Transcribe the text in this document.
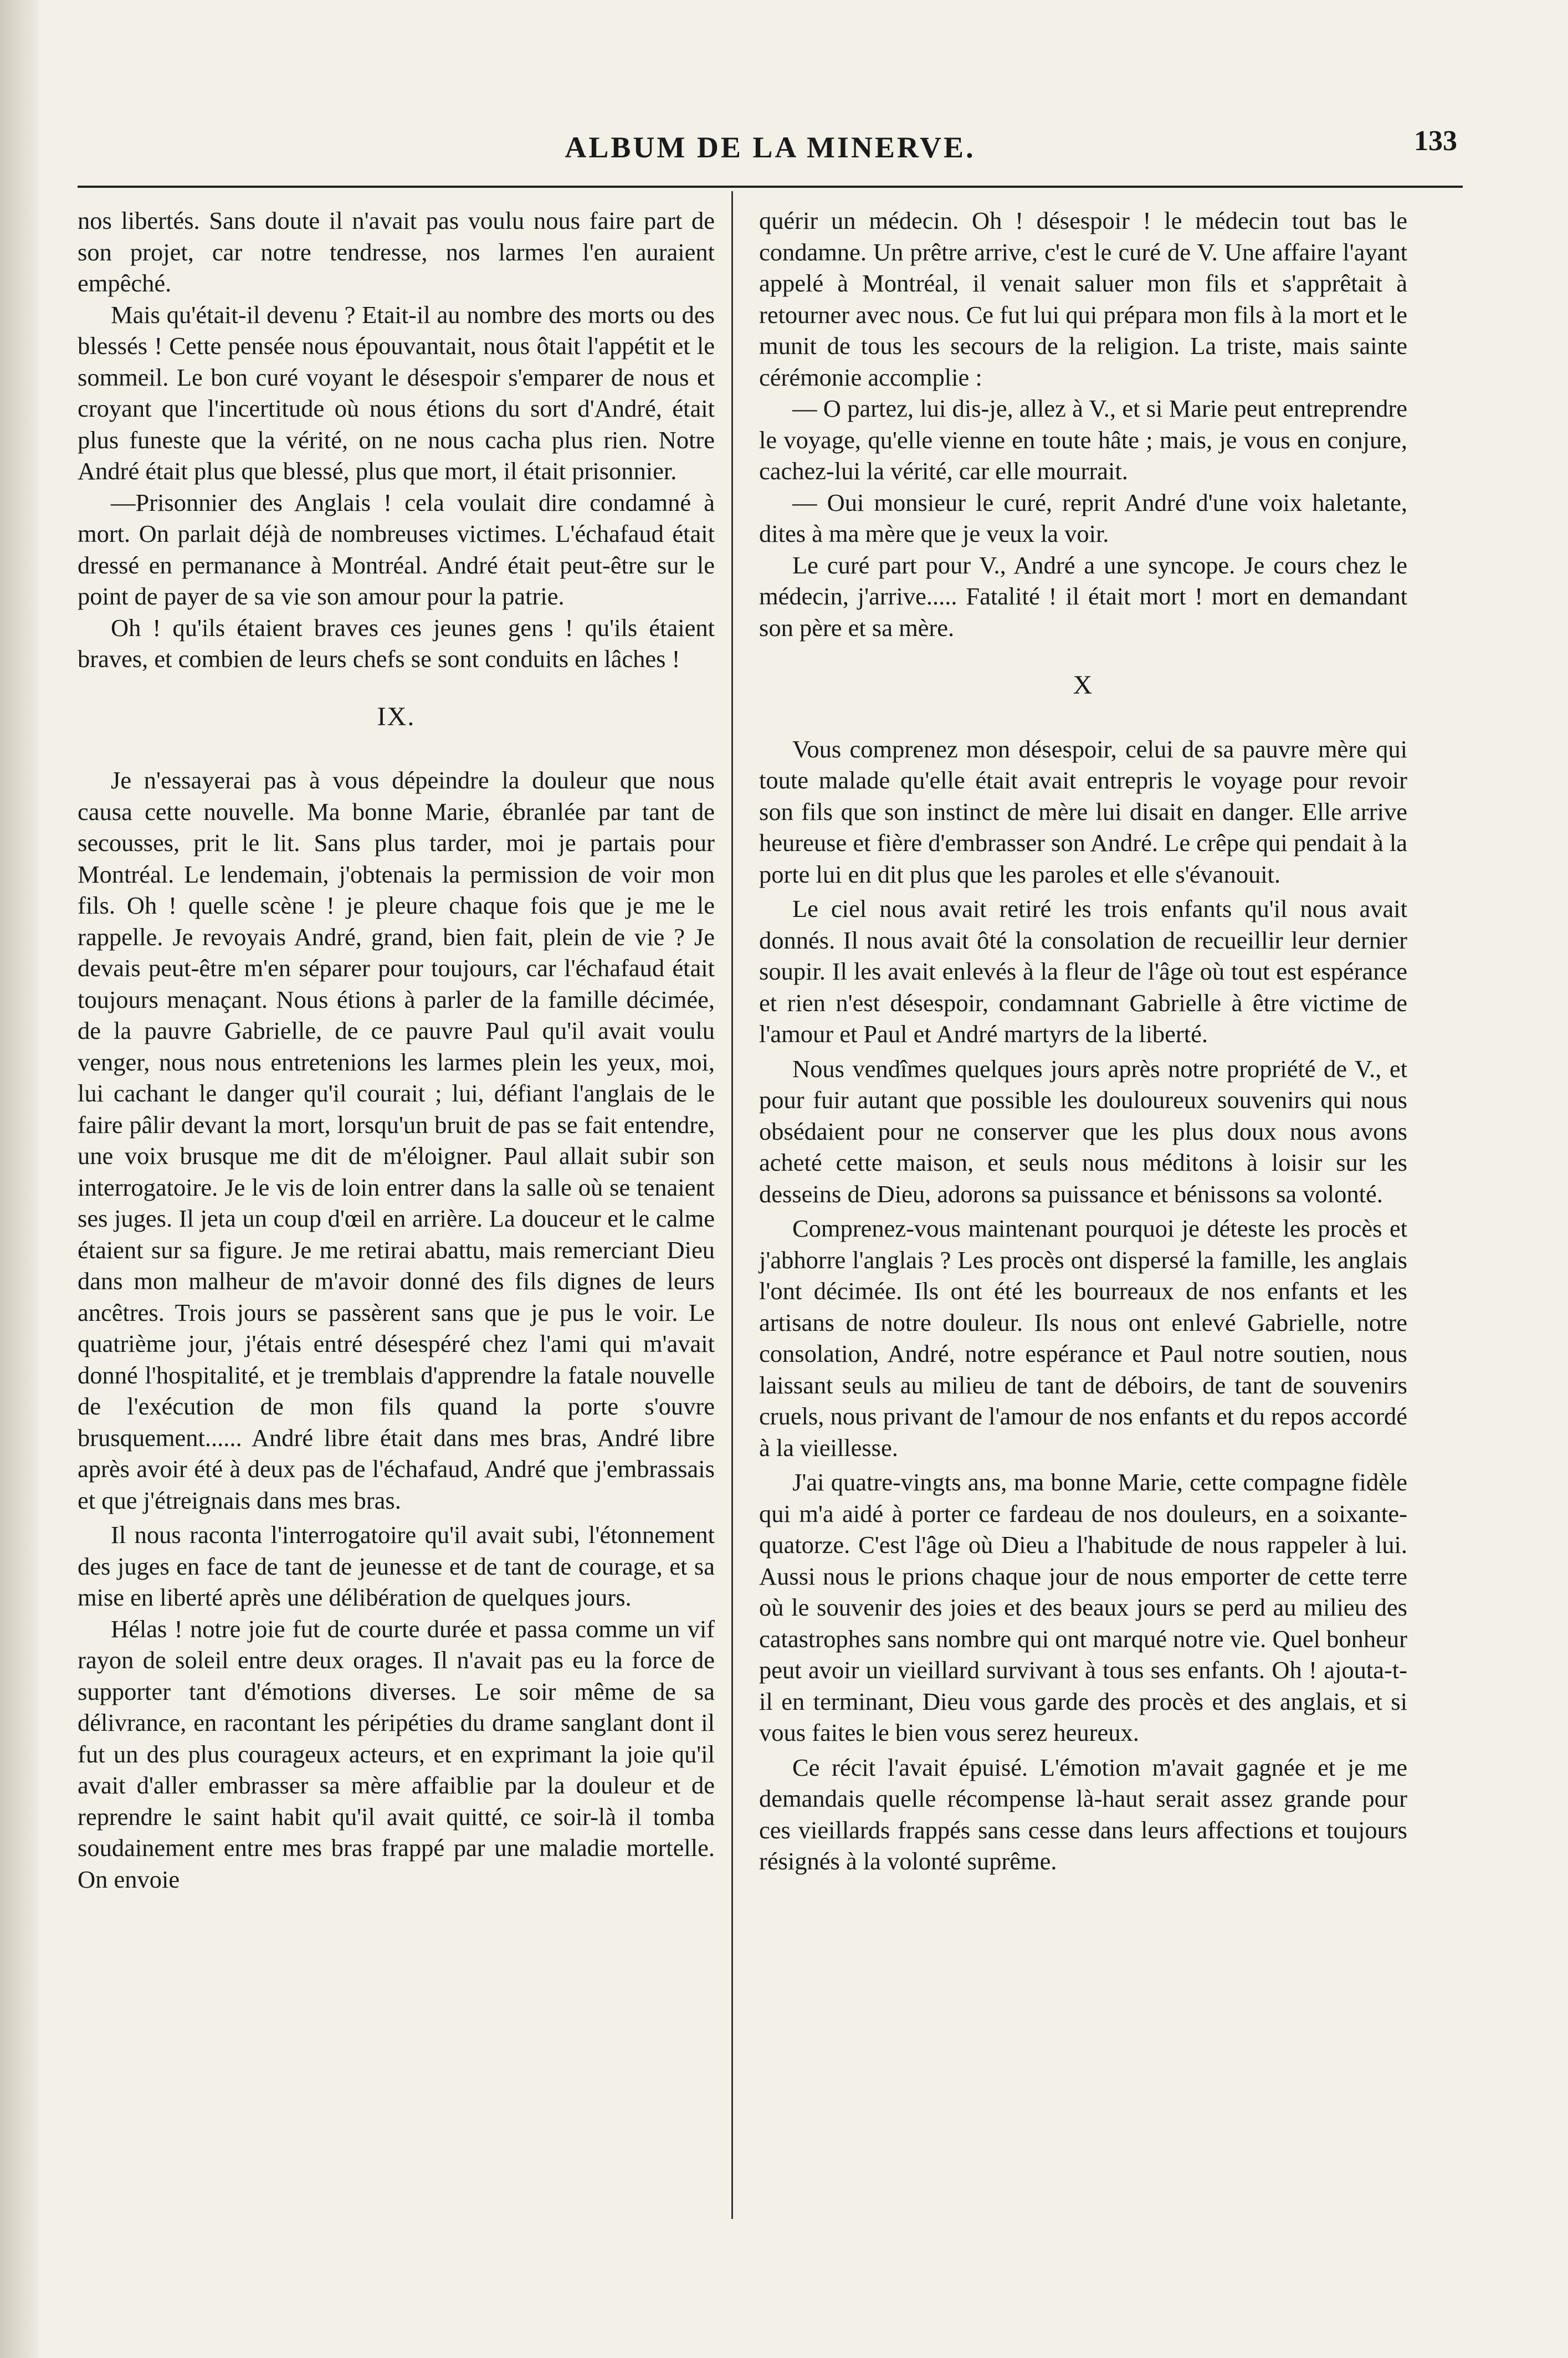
ALBUM DE LA MINERVE.	133

nos libertés. Sans doute il n'avait pas voulu nous faire part de son projet, car notre tendresse, nos larmes l'en auraient empêché.

Mais qu'était-il devenu ? Etait-il au nombre des morts ou des blessés ! Cette pensée nous épouvantait, nous ôtait l'appétit et le sommeil. Le bon curé voyant le désespoir s'emparer de nous et croyant que l'incertitude où nous étions du sort d'André, était plus funeste que la vérité, on ne nous cacha plus rien. Notre André était plus que blessé, plus que mort, il était prisonnier.

—Prisonnier des Anglais ! cela voulait dire condamné à mort. On parlait déjà de nombreuses victimes. L'échafaud était dressé en permanance à Montréal. André était peut-être sur le point de payer de sa vie son amour pour la patrie.

Oh ! qu'ils étaient braves ces jeunes gens ! qu'ils étaient braves, et combien de leurs chefs se sont conduits en lâches !

IX.

Je n'essayerai pas à vous dépeindre la douleur que nous causa cette nouvelle. Ma bonne Marie, ébranlée par tant de secousses, prit le lit. Sans plus tarder, moi je partais pour Montréal. Le lendemain, j'obtenais la permission de voir mon fils. Oh ! quelle scène ! je pleure chaque fois que je me le rappelle. Je revoyais André, grand, bien fait, plein de vie ? Je devais peut-être m'en séparer pour toujours, car l'échafaud était toujours menaçant. Nous étions à parler de la famille décimée, de la pauvre Gabrielle, de ce pauvre Paul qu'il avait voulu venger, nous nous entretenions les larmes plein les yeux, moi, lui cachant le danger qu'il courait ; lui, défiant l'anglais de le faire pâlir devant la mort, lorsqu'un bruit de pas se fait entendre, une voix brusque me dit de m'éloigner. Paul allait subir son interrogatoire. Je le vis de loin entrer dans la salle où se tenaient ses juges. Il jeta un coup d'œil en arrière. La douceur et le calme étaient sur sa figure. Je me retirai abattu, mais remerciant Dieu dans mon malheur de m'avoir donné des fils dignes de leurs ancêtres. Trois jours se passèrent sans que je pus le voir. Le quatrième jour, j'étais entré désespéré chez l'ami qui m'avait donné l'hospitalité, et je tremblais d'apprendre la fatale nouvelle de l'exécution de mon fils quand la porte s'ouvre brusquement...... André libre était dans mes bras, André libre après avoir été à deux pas de l'échafaud, André que j'embrassais et que j'étreignais dans mes bras.

Il nous raconta l'interrogatoire qu'il avait subi, l'étonnement des juges en face de tant de jeunesse et de tant de courage, et sa mise en liberté après une délibération de quelques jours.

Hélas ! notre joie fut de courte durée et passa comme un vif rayon de soleil entre deux orages. Il n'avait pas eu la force de supporter tant d'émotions diverses. Le soir même de sa délivrance, en racontant les péripéties du drame sanglant dont il fut un des plus courageux acteurs, et en exprimant la joie qu'il avait d'aller embrasser sa mère affaiblie par la douleur et de reprendre le saint habit qu'il avait quitté, ce soir-là il tomba soudainement entre mes bras frappé par une maladie mortelle. On envoie

quérir un médecin. Oh ! désespoir ! le médecin tout bas le condamne. Un prêtre arrive, c'est le curé de V. Une affaire l'ayant appelé à Montréal, il venait saluer mon fils et s'apprêtait à retourner avec nous. Ce fut lui qui prépara mon fils à la mort et le munit de tous les secours de la religion. La triste, mais sainte cérémonie accomplie :

— O partez, lui dis-je, allez à V., et si Marie peut entreprendre le voyage, qu'elle vienne en toute hâte ; mais, je vous en conjure, cachez-lui la vérité, car elle mourrait.

— Oui monsieur le curé, reprit André d'une voix haletante, dites à ma mère que je veux la voir.

Le curé part pour V., André a une syncope. Je cours chez le médecin, j'arrive..... Fatalité ! il était mort ! mort en demandant son père et sa mère.

X

Vous comprenez mon désespoir, celui de sa pauvre mère qui toute malade qu'elle était avait entrepris le voyage pour revoir son fils que son instinct de mère lui disait en danger. Elle arrive heureuse et fière d'embrasser son André. Le crêpe qui pendait à la porte lui en dit plus que les paroles et elle s'évanouit.

Le ciel nous avait retiré les trois enfants qu'il nous avait donnés. Il nous avait ôté la consolation de recueillir leur dernier soupir. Il les avait enlevés à la fleur de l'âge où tout est espérance et rien n'est désespoir, condamnant Gabrielle à être victime de l'amour et Paul et André martyrs de la liberté.

Nous vendîmes quelques jours après notre propriété de V., et pour fuir autant que possible les douloureux souvenirs qui nous obsédaient pour ne conserver que les plus doux nous avons acheté cette maison, et seuls nous méditons à loisir sur les desseins de Dieu, adorons sa puissance et bénissons sa volonté.

Comprenez-vous maintenant pourquoi je déteste les procès et j'abhorre l'anglais ? Les procès ont dispersé la famille, les anglais l'ont décimée. Ils ont été les bourreaux de nos enfants et les artisans de notre douleur. Ils nous ont enlevé Gabrielle, notre consolation, André, notre espérance et Paul notre soutien, nous laissant seuls au milieu de tant de déboirs, de tant de souvenirs cruels, nous privant de l'amour de nos enfants et du repos accordé à la vieillesse.

J'ai quatre-vingts ans, ma bonne Marie, cette compagne fidèle qui m'a aidé à porter ce fardeau de nos douleurs, en a soixante-quatorze. C'est l'âge où Dieu a l'habitude de nous rappeler à lui. Aussi nous le prions chaque jour de nous emporter de cette terre où le souvenir des joies et des beaux jours se perd au milieu des catastrophes sans nombre qui ont marqué notre vie. Quel bonheur peut avoir un vieillard survivant à tous ses enfants. Oh ! ajouta-t-il en terminant, Dieu vous garde des procès et des anglais, et si vous faites le bien vous serez heureux.

Ce récit l'avait épuisé. L'émotion m'avait gagnée et je me demandais quelle récompense là-haut serait assez grande pour ces vieillards frappés sans cesse dans leurs affections et toujours résignés à la volonté suprême.
